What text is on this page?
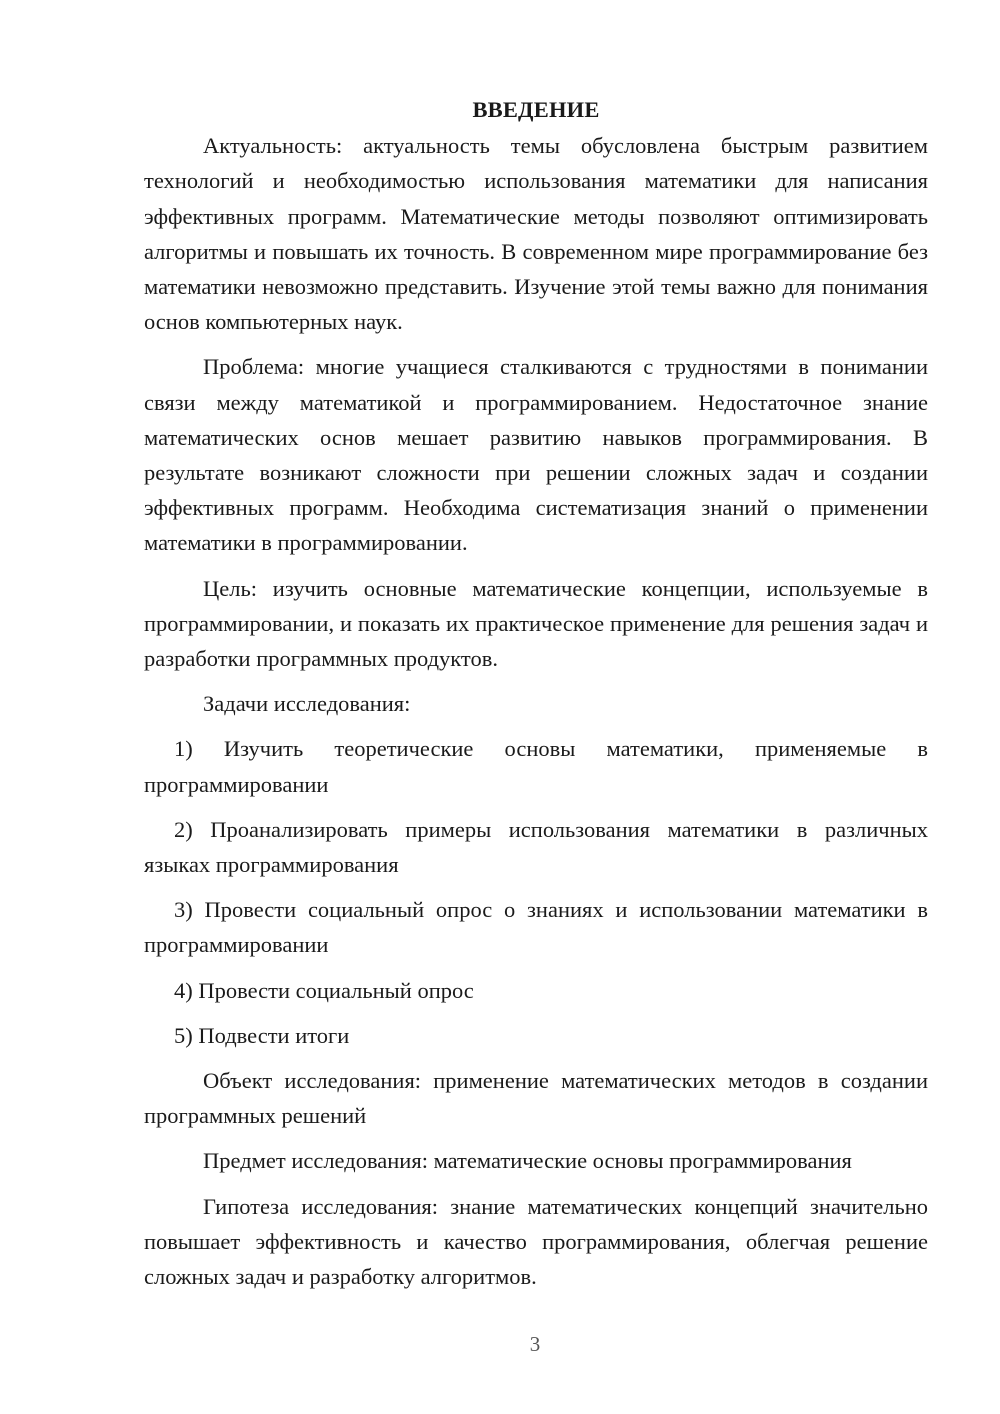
ВВЕДЕНИЕ

Актуальность: актуальность темы обусловлена быстрым развитием технологий и необходимостью использования математики для написания эффективных программ. Математические методы позволяют оптимизировать алгоритмы и повышать их точность. В современном мире программирование без математики невозможно представить. Изучение этой темы важно для понимания основ компьютерных наук.

Проблема: многие учащиеся сталкиваются с трудностями в понимании связи между математикой и программированием. Недостаточное знание математических основ мешает развитию навыков программирования. В результате возникают сложности при решении сложных задач и создании эффективных программ. Необходима систематизация знаний о применении математики в программировании.

Цель: изучить основные математические концепции, используемые в программировании, и показать их практическое применение для решения задач и разработки программных продуктов.

Задачи исследования:

1) Изучить теоретические основы математики, применяемые в программировании

2) Проанализировать примеры использования математики в различных языках программирования

3) Провести социальный опрос о знаниях и использовании математики в программировании

4) Провести социальный опрос

5) Подвести итоги

Объект исследования: применение математических методов в создании программных решений

Предмет исследования: математические основы программирования

Гипотеза исследования: знание математических концепций значительно повышает эффективность и качество программирования, облегчая решение сложных задач и разработку алгоритмов.

3
